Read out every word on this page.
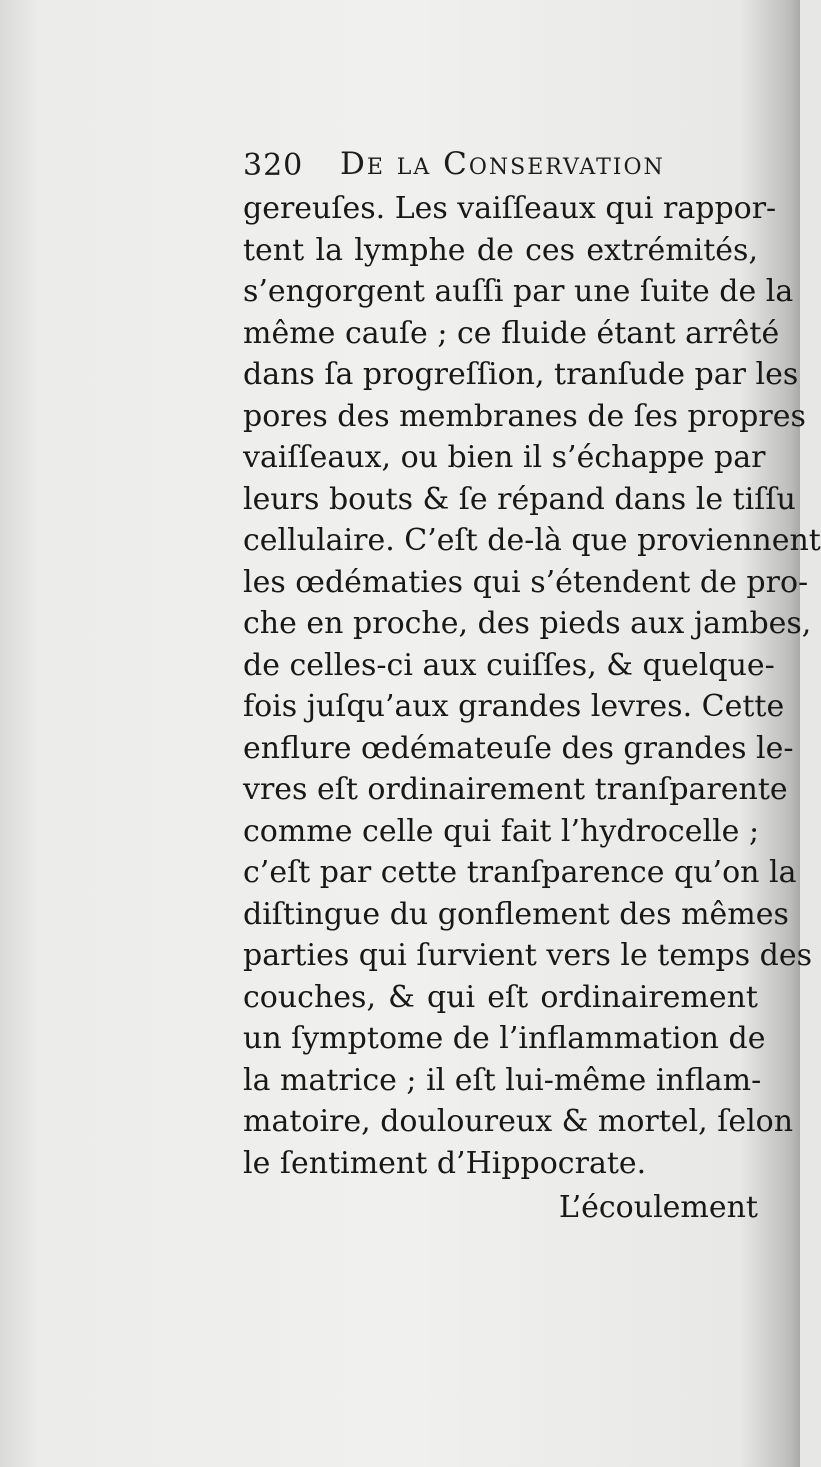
320 De la Conservation
gereuſes. Les vaiſſeaux qui rappor-
tent la lymphe de ces extrémités,
s’engorgent auſſi par une ſuite de la
même cauſe ; ce fluide étant arrêté
dans ſa progreſſion, tranſude par les
pores des membranes de ſes propres
vaiſſeaux, ou bien il s’échappe par
leurs bouts & ſe répand dans le tiſſu
cellulaire. C’eſt de-là que proviennent
les œdématies qui s’étendent de pro-
che en proche, des pieds aux jambes,
de celles-ci aux cuiſſes, & quelque-
fois juſqu’aux grandes levres. Cette
enflure œdémateuſe des grandes le-
vres eſt ordinairement tranſparente
comme celle qui fait l’hydrocelle ;
c’eſt par cette tranſparence qu’on la
diſtingue du gonflement des mêmes
parties qui ſurvient vers le temps des
couches, & qui eſt ordinairement
un ſymptome de l’inflammation de
la matrice ; il eſt lui-même inflam-
matoire, douloureux & mortel, ſelon
le ſentiment d’Hippocrate.
L’écoulement
